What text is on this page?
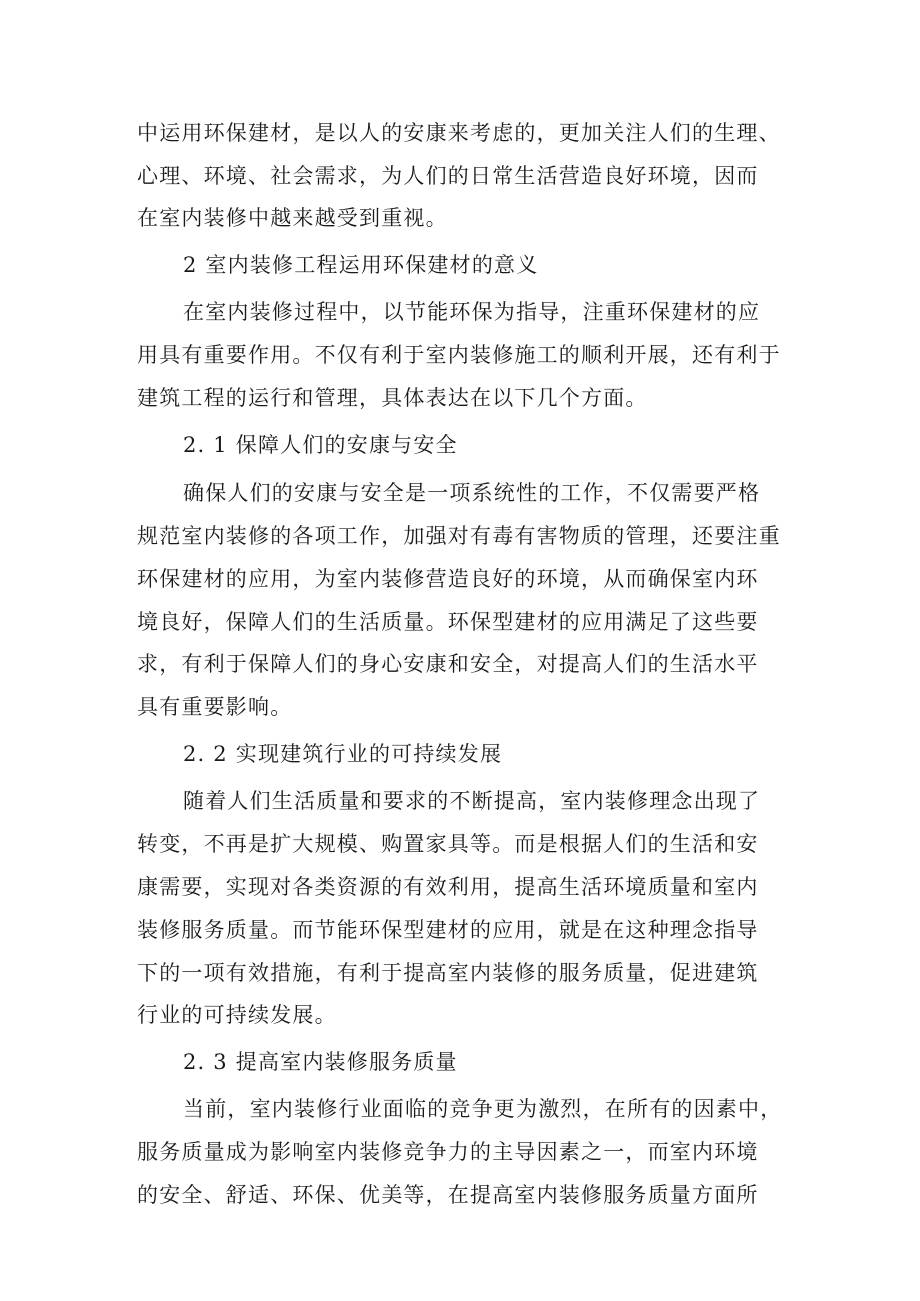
中运用环保建材，是以人的安康来考虑的，更加关注人们的生理、
心理、环境、社会需求，为人们的日常生活营造良好环境，因而
在室内装修中越来越受到重视。
2 室内装修工程运用环保建材的意义
在室内装修过程中，以节能环保为指导，注重环保建材的应
用具有重要作用。不仅有利于室内装修施工的顺利开展，还有利于
建筑工程的运行和管理，具体表达在以下几个方面。
2. 1 保障人们的安康与安全
确保人们的安康与安全是一项系统性的工作，不仅需要严格
规范室内装修的各项工作，加强对有毒有害物质的管理，还要注重
环保建材的应用，为室内装修营造良好的环境，从而确保室内环
境良好，保障人们的生活质量。环保型建材的应用满足了这些要
求，有利于保障人们的身心安康和安全，对提高人们的生活水平
具有重要影响。
2. 2 实现建筑行业的可持续发展
随着人们生活质量和要求的不断提高，室内装修理念出现了
转变，不再是扩大规模、购置家具等。而是根据人们的生活和安
康需要，实现对各类资源的有效利用，提高生活环境质量和室内
装修服务质量。而节能环保型建材的应用，就是在这种理念指导
下的一项有效措施，有利于提高室内装修的服务质量，促进建筑
行业的可持续发展。
2. 3 提高室内装修服务质量
当前，室内装修行业面临的竞争更为激烈，在所有的因素中，
服务质量成为影响室内装修竞争力的主导因素之一，而室内环境
的安全、舒适、环保、优美等，在提高室内装修服务质量方面所
